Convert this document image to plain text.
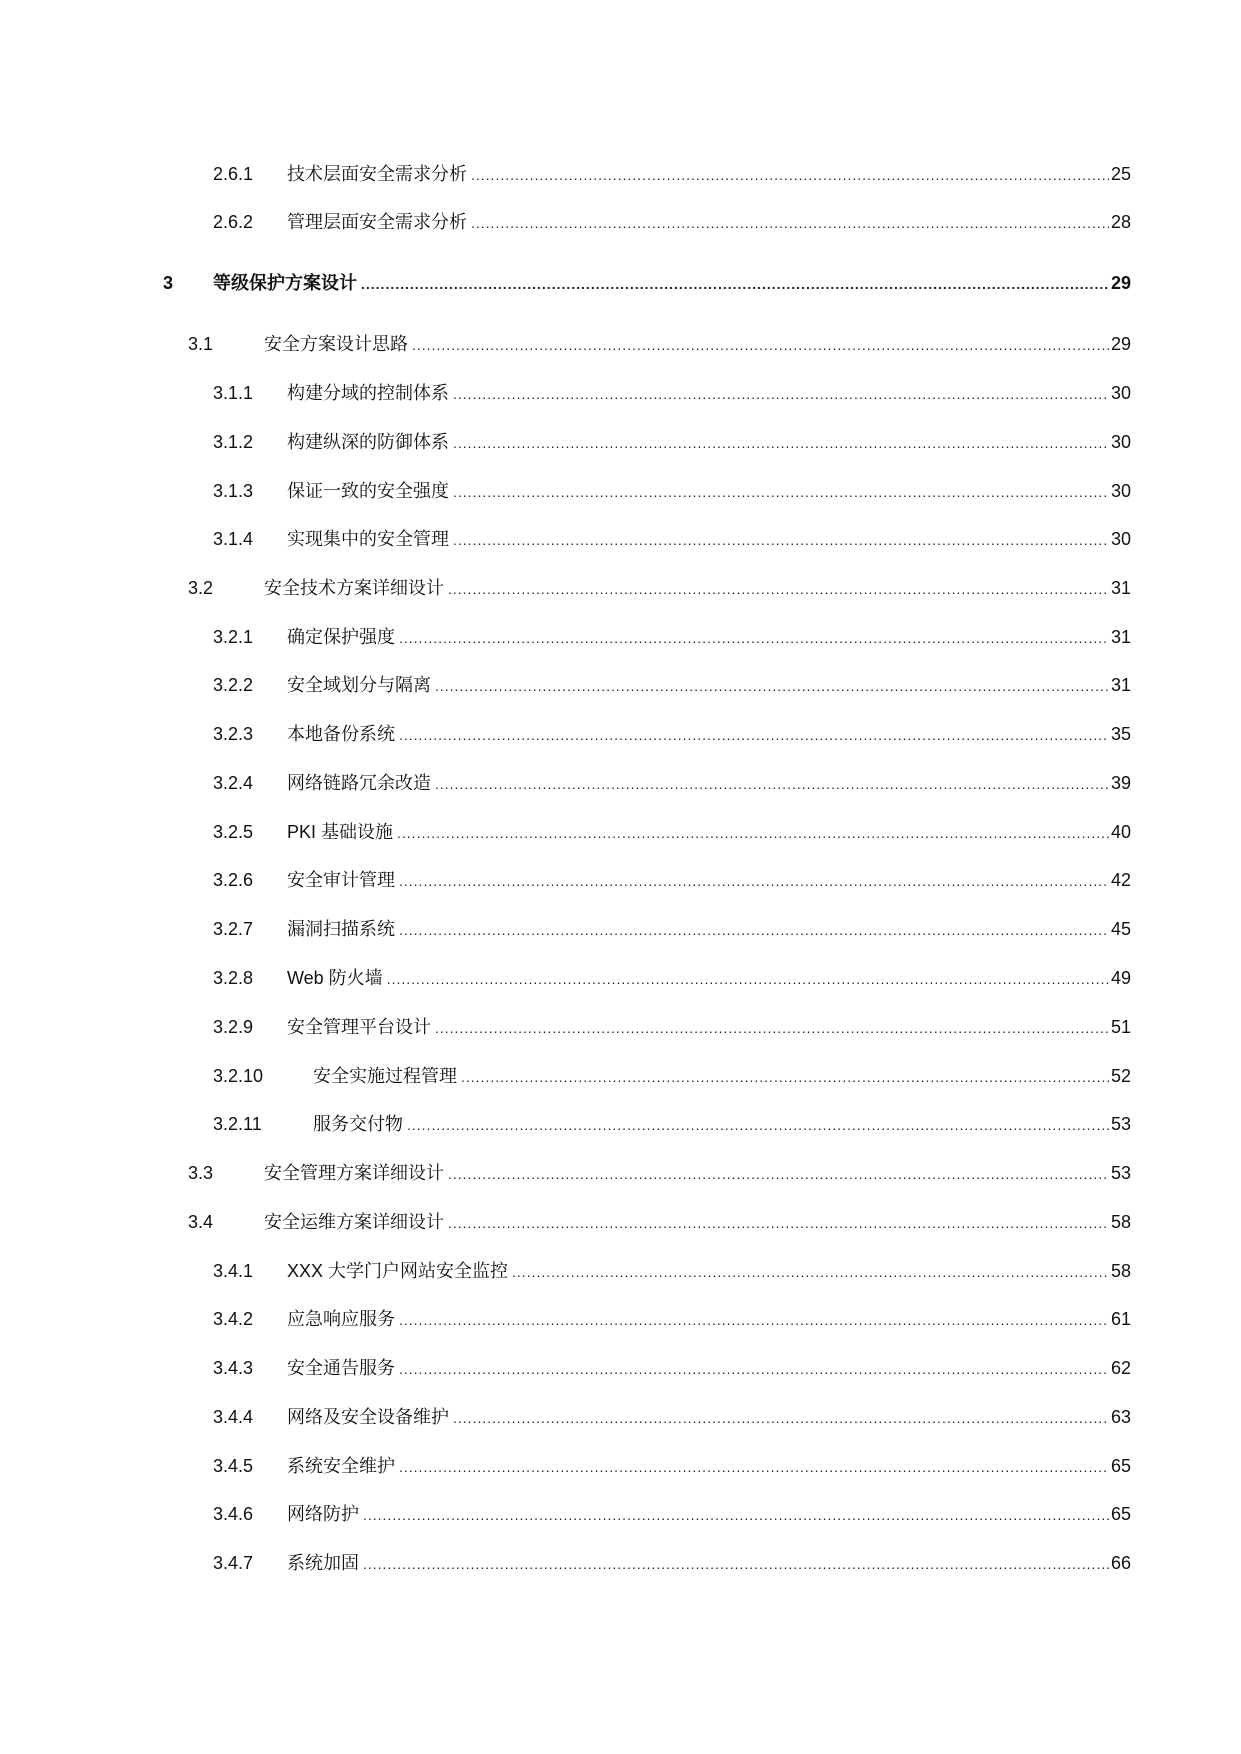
2.6.1	技术层面安全需求分析 .....	25
2.6.2	管理层面安全需求分析 .....	28
3	等级保护方案设计 .....	29
3.1	安全方案设计思路 .....	29
3.1.1	构建分域的控制体系 .....	30
3.1.2	构建纵深的防御体系 .....	30
3.1.3	保证一致的安全强度 .....	30
3.1.4	实现集中的安全管理 .....	30
3.2	安全技术方案详细设计 .....	31
3.2.1	确定保护强度 .....	31
3.2.2	安全域划分与隔离 .....	31
3.2.3	本地备份系统 .....	35
3.2.4	网络链路冗余改造 .....	39
3.2.5	PKI 基础设施 .....	40
3.2.6	安全审计管理 .....	42
3.2.7	漏洞扫描系统 .....	45
3.2.8	Web 防火墙 .....	49
3.2.9	安全管理平台设计 .....	51
3.2.10	安全实施过程管理 .....	52
3.2.11	服务交付物 .....	53
3.3	安全管理方案详细设计 .....	53
3.4	安全运维方案详细设计 .....	58
3.4.1	XXX 大学门户网站安全监控 .....	58
3.4.2	应急响应服务 .....	61
3.4.3	安全通告服务 .....	62
3.4.4	网络及安全设备维护 .....	63
3.4.5	系统安全维护 .....	65
3.4.6	网络防护 .....	65
3.4.7	系统加固 .....	66
